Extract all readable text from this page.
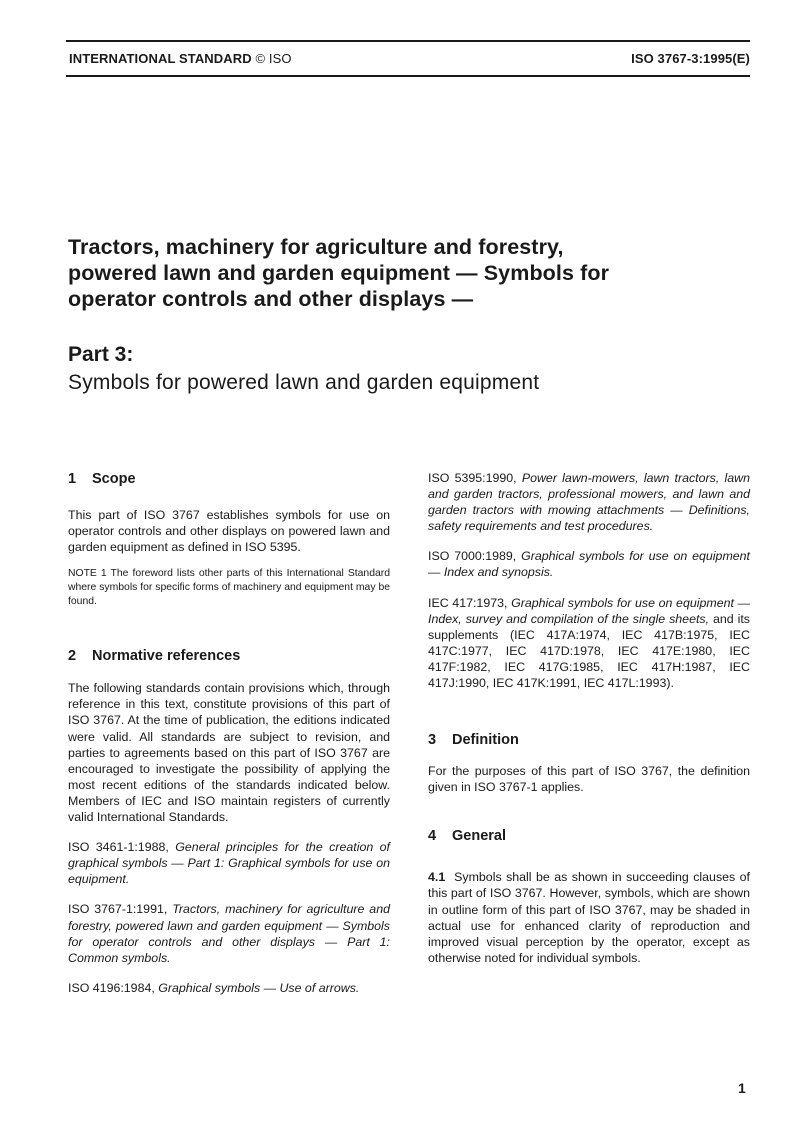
INTERNATIONAL STANDARD © ISO	ISO 3767-3:1995(E)
Tractors, machinery for agriculture and forestry,
powered lawn and garden equipment — Symbols for
operator controls and other displays —
Part 3:
Symbols for powered lawn and garden equipment
1 Scope

This part of ISO 3767 establishes symbols for use on operator controls and other displays on powered lawn and garden equipment as defined in ISO 5395.

NOTE 1 The foreword lists other parts of this International Standard where symbols for specific forms of machinery and equipment may be found.

2 Normative references

The following standards contain provisions which, through reference in this text, constitute provisions of this part of ISO 3767. At the time of publication, the editions indicated were valid. All standards are subject to revision, and parties to agreements based on this part of ISO 3767 are encouraged to investigate the possibility of applying the most recent editions of the standards indicated below. Members of IEC and ISO maintain registers of currently valid International Standards.

ISO 3461-1:1988, General principles for the creation of graphical symbols — Part 1: Graphical symbols for use on equipment.

ISO 3767-1:1991, Tractors, machinery for agriculture and forestry, powered lawn and garden equipment — Symbols for operator controls and other displays — Part 1: Common symbols.

ISO 4196:1984, Graphical symbols — Use of arrows.

ISO 5395:1990, Power lawn-mowers, lawn tractors, lawn and garden tractors, professional mowers, and lawn and garden tractors with mowing attachments — Definitions, safety requirements and test procedures.

ISO 7000:1989, Graphical symbols for use on equipment — Index and synopsis.

IEC 417:1973, Graphical symbols for use on equipment — Index, survey and compilation of the single sheets, and its supplements (IEC 417A:1974, IEC 417B:1975, IEC 417C:1977, IEC 417D:1978, IEC 417E:1980, IEC 417F:1982, IEC 417G:1985, IEC 417H:1987, IEC 417J:1990, IEC 417K:1991, IEC 417L:1993).

3 Definition

For the purposes of this part of ISO 3767, the definition given in ISO 3767-1 applies.

4 General

4.1 Symbols shall be as shown in succeeding clauses of this part of ISO 3767. However, symbols, which are shown in outline form of this part of ISO 3767, may be shaded in actual use for enhanced clarity of reproduction and improved visual perception by the operator, except as otherwise noted for individual symbols.

1
